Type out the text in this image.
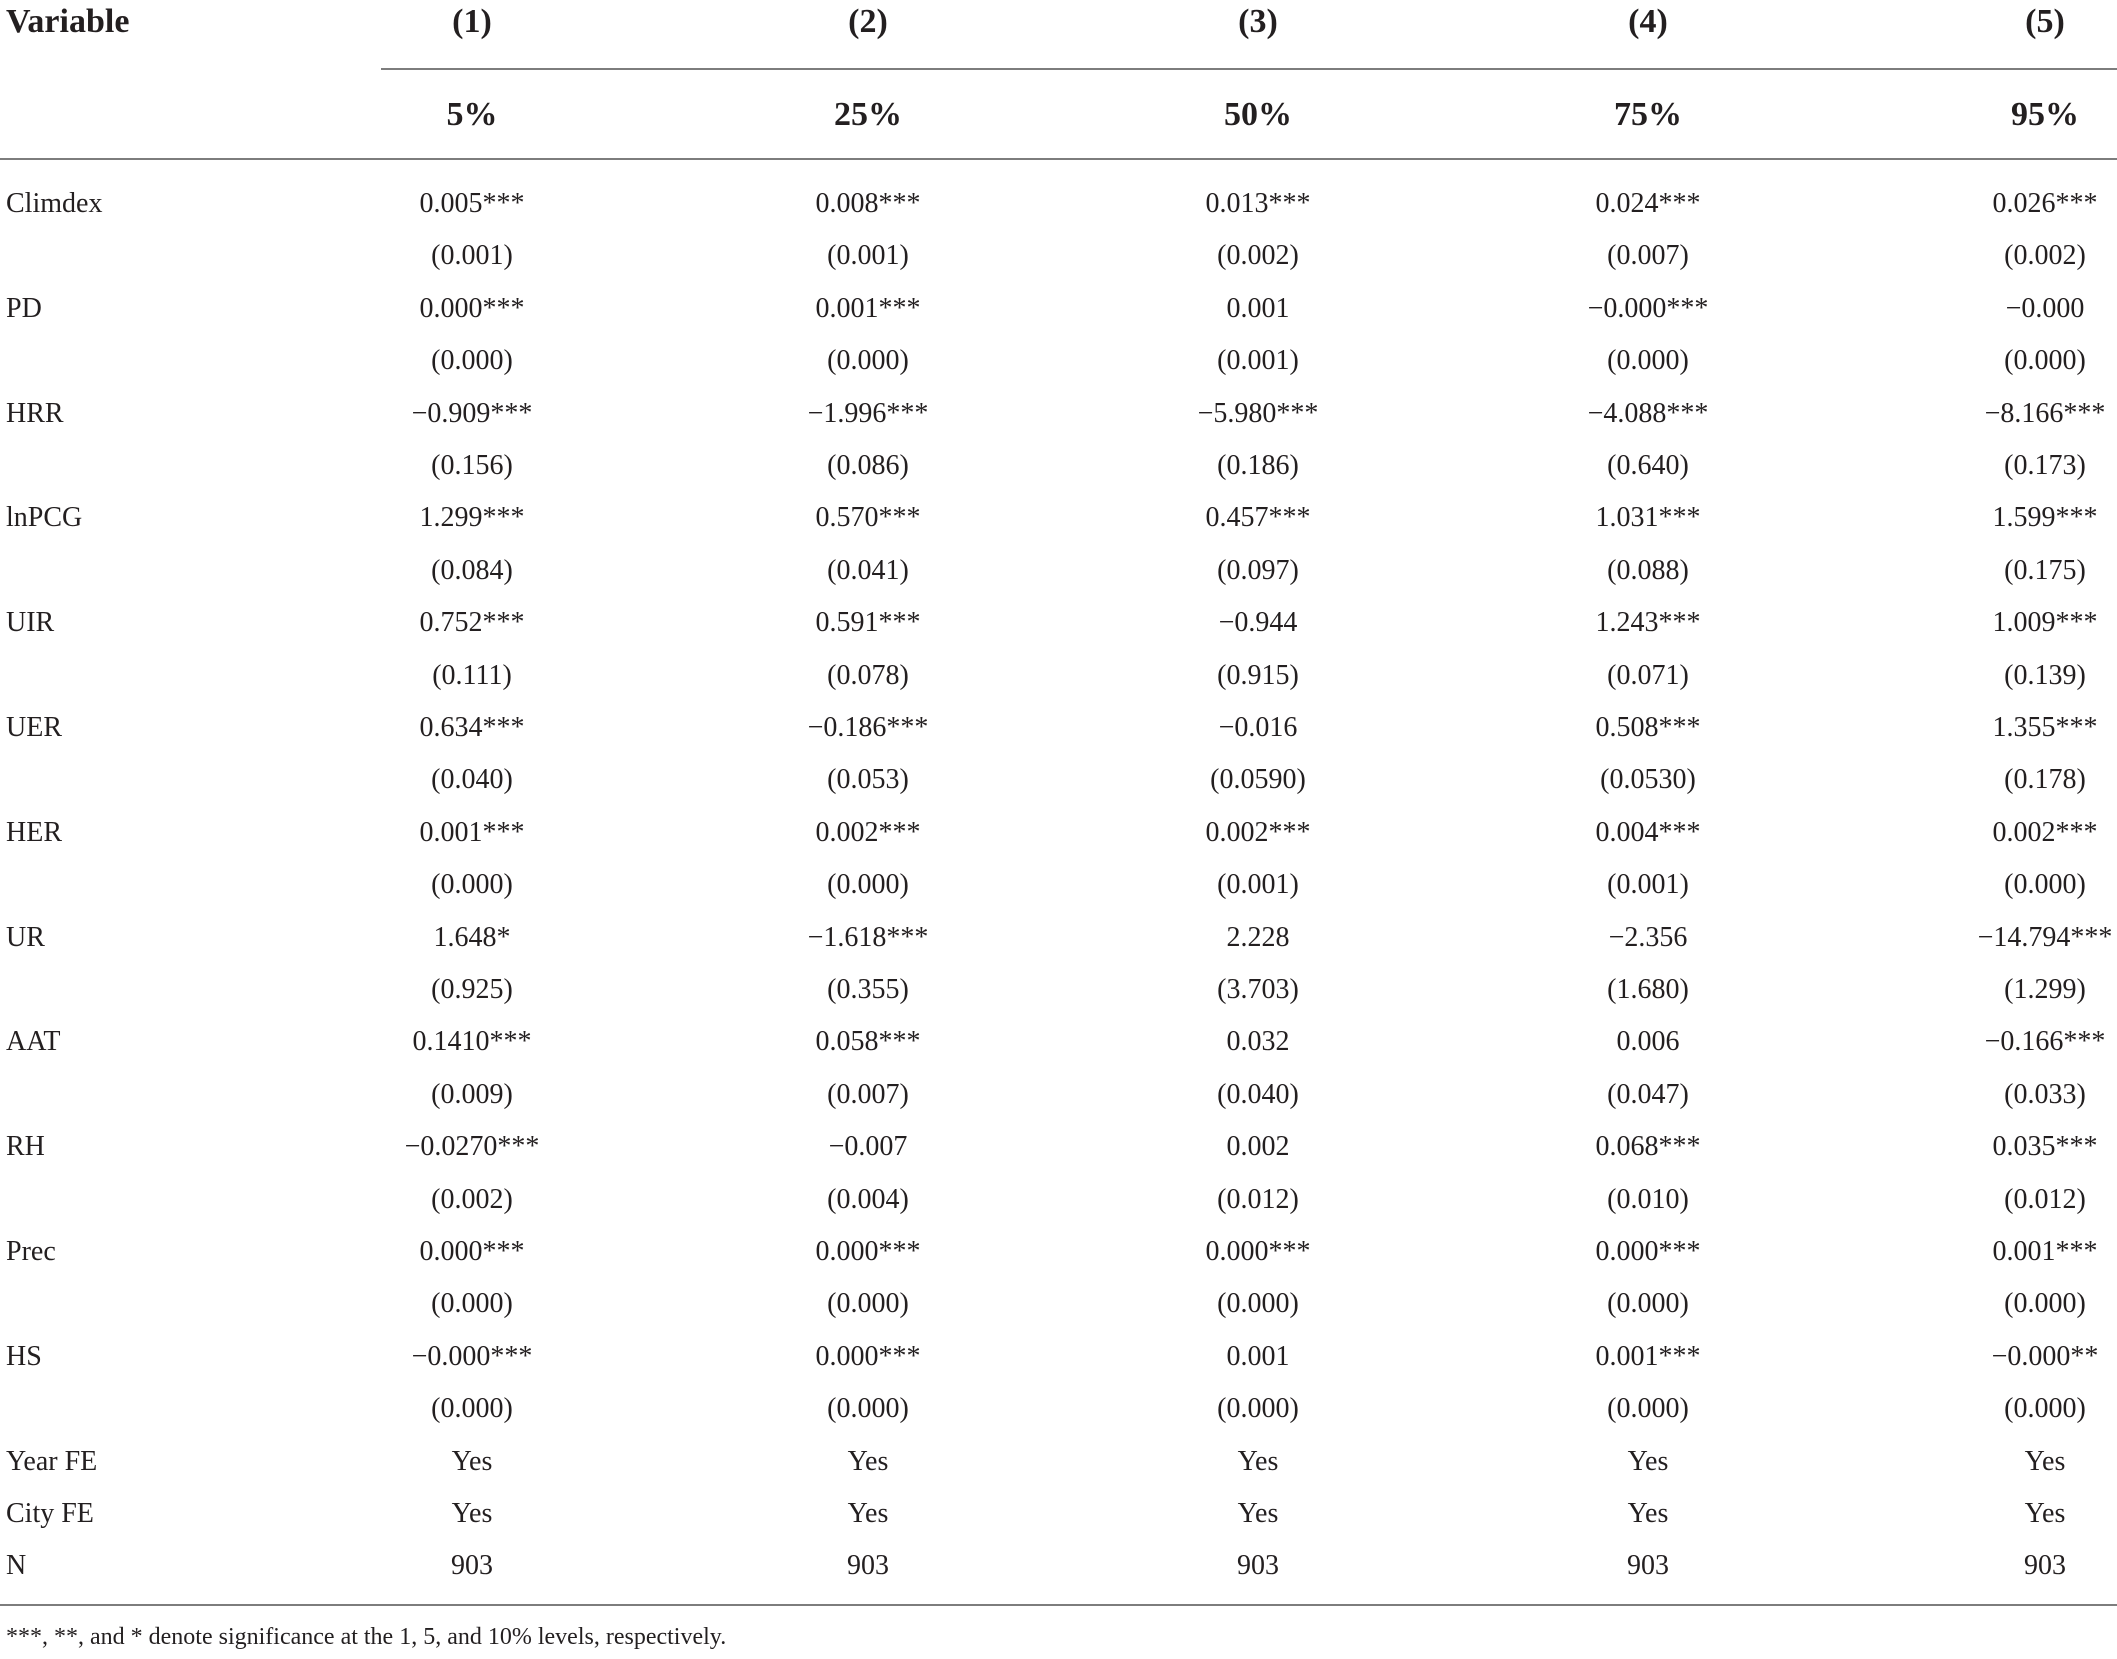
Variable	(1)	(2)	(3)	(4)	(5)
5%	25%	50%	75%	95%
Climdex	0.005***	0.008***	0.013***	0.024***	0.026***
(0.001)	(0.001)	(0.002)	(0.007)	(0.002)
PD	0.000***	0.001***	0.001	−0.000***	−0.000
(0.000)	(0.000)	(0.001)	(0.000)	(0.000)
HRR	−0.909***	−1.996***	−5.980***	−4.088***	−8.166***
(0.156)	(0.086)	(0.186)	(0.640)	(0.173)
lnPCG	1.299***	0.570***	0.457***	1.031***	1.599***
(0.084)	(0.041)	(0.097)	(0.088)	(0.175)
UIR	0.752***	0.591***	−0.944	1.243***	1.009***
(0.111)	(0.078)	(0.915)	(0.071)	(0.139)
UER	0.634***	−0.186***	−0.016	0.508***	1.355***
(0.040)	(0.053)	(0.0590)	(0.0530)	(0.178)
HER	0.001***	0.002***	0.002***	0.004***	0.002***
(0.000)	(0.000)	(0.001)	(0.001)	(0.000)
UR	1.648*	−1.618***	2.228	−2.356	−14.794***
(0.925)	(0.355)	(3.703)	(1.680)	(1.299)
AAT	0.1410***	0.058***	0.032	0.006	−0.166***
(0.009)	(0.007)	(0.040)	(0.047)	(0.033)
RH	−0.0270***	−0.007	0.002	0.068***	0.035***
(0.002)	(0.004)	(0.012)	(0.010)	(0.012)
Prec	0.000***	0.000***	0.000***	0.000***	0.001***
(0.000)	(0.000)	(0.000)	(0.000)	(0.000)
HS	−0.000***	0.000***	0.001	0.001***	−0.000**
(0.000)	(0.000)	(0.000)	(0.000)	(0.000)
Year FE	Yes	Yes	Yes	Yes	Yes
City FE	Yes	Yes	Yes	Yes	Yes
N	903	903	903	903	903
***, **, and * denote significance at the 1, 5, and 10% levels, respectively.
